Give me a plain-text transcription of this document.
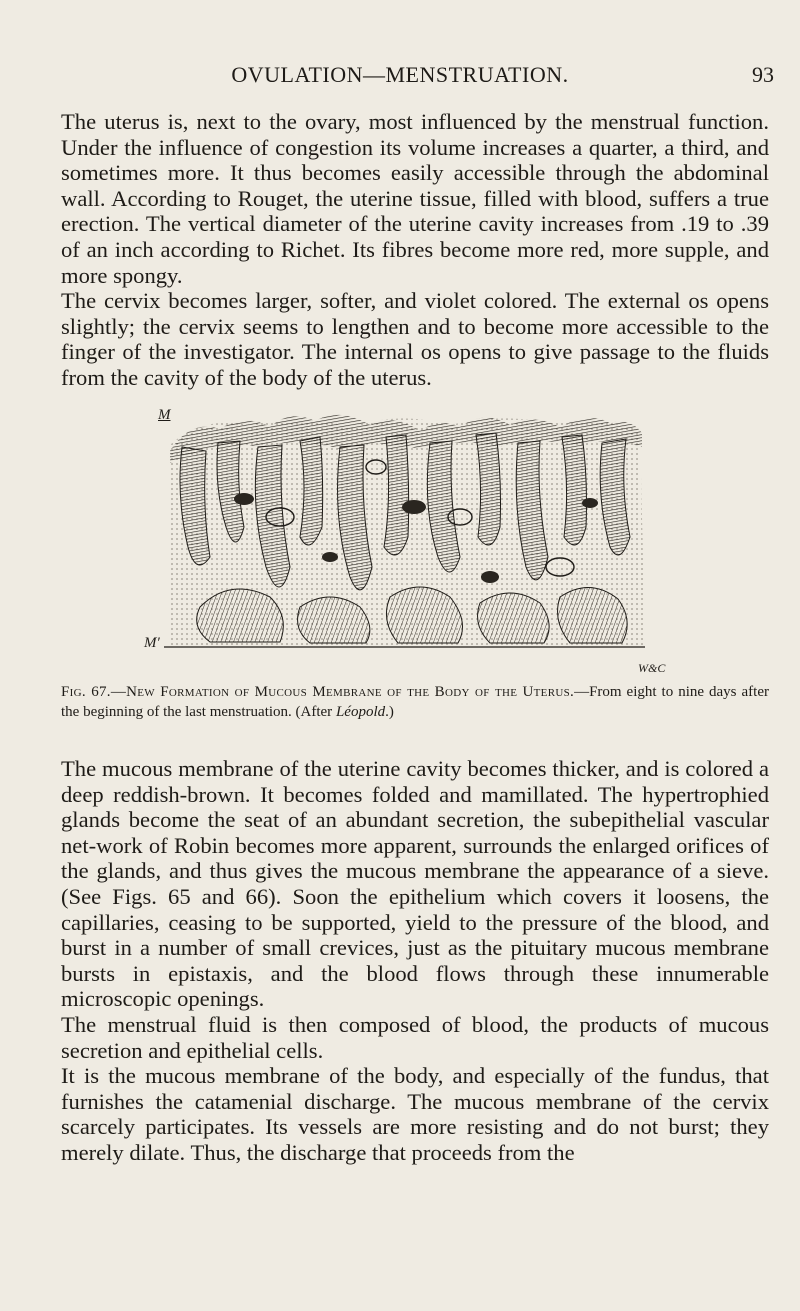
OVULATION—MENSTRUATION.	93

The uterus is, next to the ovary, most influenced by the menstrual function. Under the influence of congestion its volume increases a quarter, a third, and sometimes more. It thus becomes easily accessible through the abdominal wall. According to Rouget, the uterine tissue, filled with blood, suffers a true erection. The vertical diameter of the uterine cavity increases from .19 to .39 of an inch according to Richet. Its fibres become more red, more supple, and more spongy.

The cervix becomes larger, softer, and violet colored. The external os opens slightly; the cervix seems to lengthen and to become more accessible to the finger of the investigator. The internal os opens to give passage to the fluids from the cavity of the body of the uterus.

M
M′
W&C
Fig. 67.—New Formation of Mucous Membrane of the Body of the Uterus.—From eight to nine days after the beginning of the last menstruation. (After Léopold.)

The mucous membrane of the uterine cavity becomes thicker, and is colored a deep reddish-brown. It becomes folded and mamillated. The hypertrophied glands become the seat of an abundant secretion, the subepithelial vascular net-work of Robin becomes more apparent, surrounds the enlarged orifices of the glands, and thus gives the mucous membrane the appearance of a sieve. (See Figs. 65 and 66). Soon the epithelium which covers it loosens, the capillaries, ceasing to be supported, yield to the pressure of the blood, and burst in a number of small crevices, just as the pituitary mucous membrane bursts in epistaxis, and the blood flows through these innumerable microscopic openings.

The menstrual fluid is then composed of blood, the products of mucous secretion and epithelial cells.

It is the mucous membrane of the body, and especially of the fundus, that furnishes the catamenial discharge. The mucous membrane of the cervix scarcely participates. Its vessels are more resisting and do not burst; they merely dilate. Thus, the discharge that proceeds from the
